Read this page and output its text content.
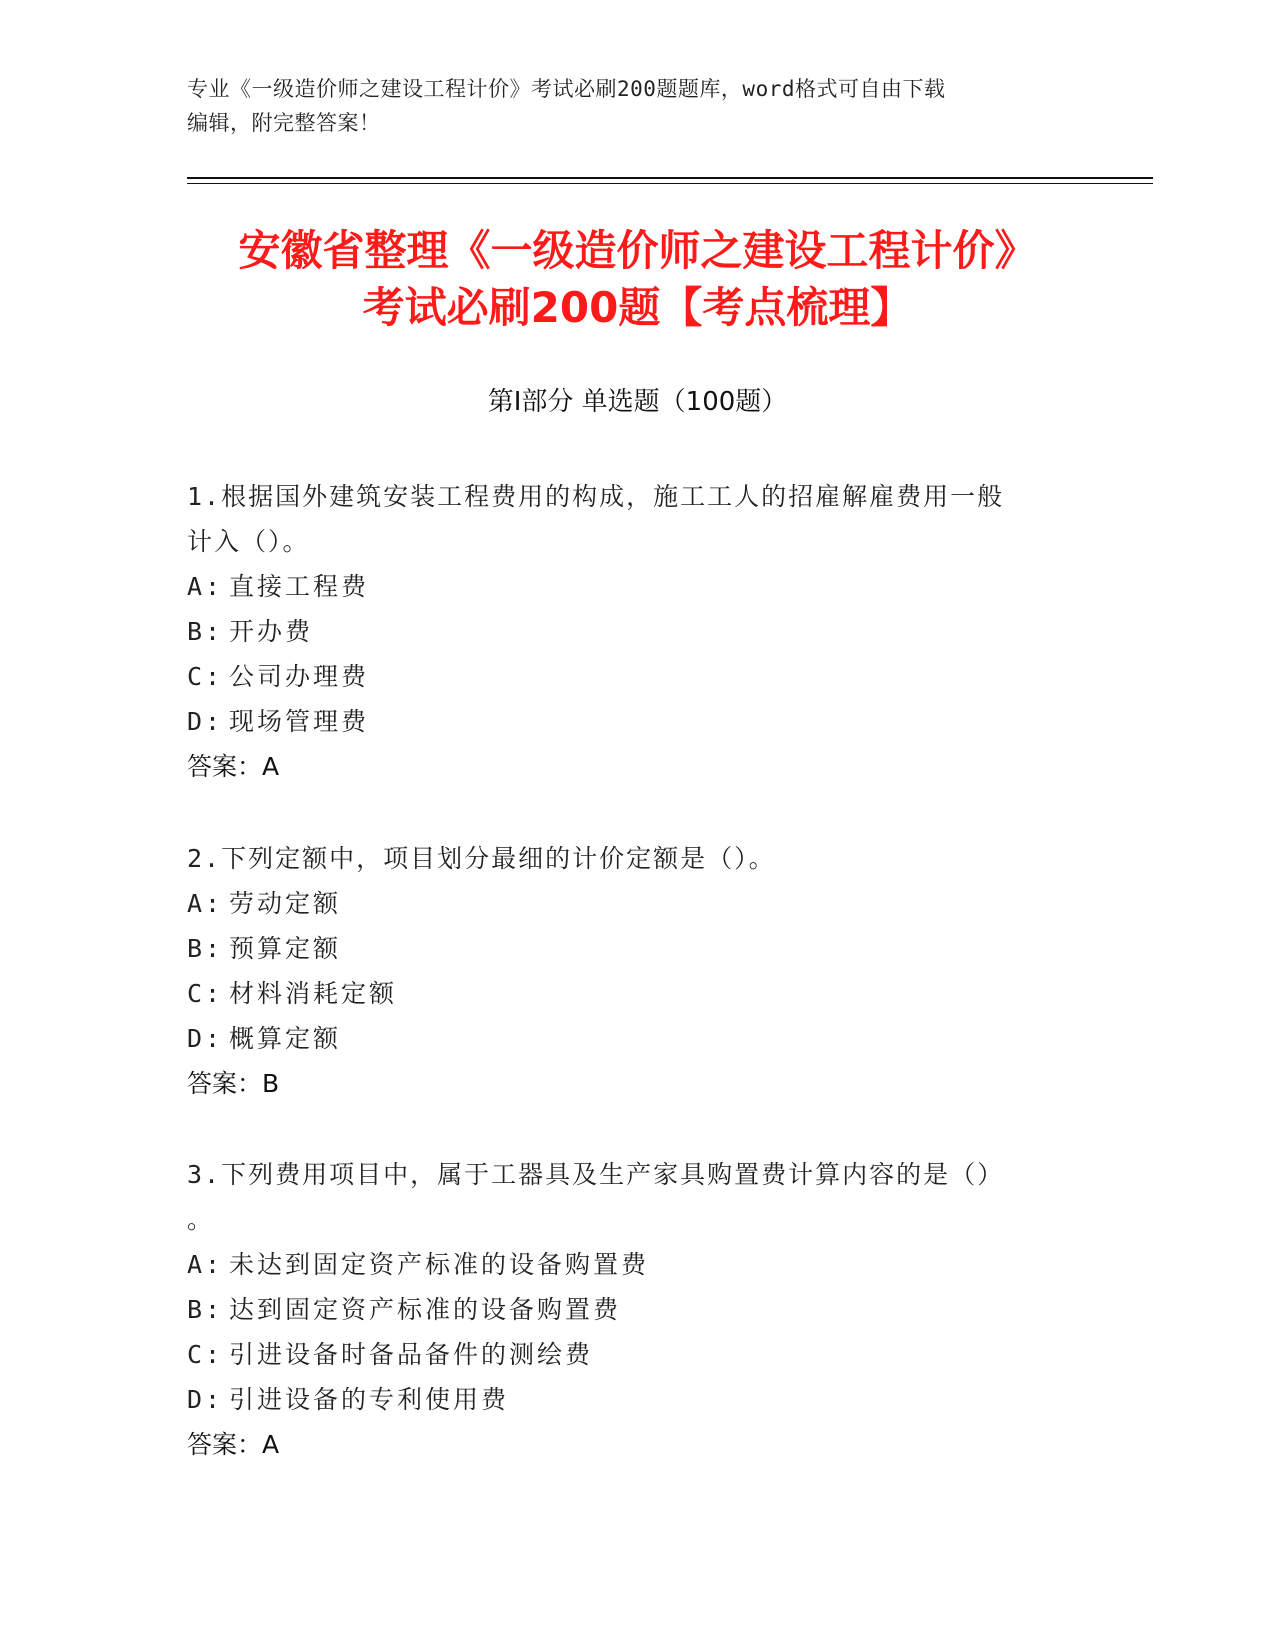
专业《一级造价师之建设工程计价》考试必刷200题题库，word格式可自由下载
编辑，附完整答案！
安徽省整理《一级造价师之建设工程计价》
考试必刷200题【考点梳理】
第Ⅰ部分 单选题（100题）

1.根据国外建筑安装工程费用的构成，施工工人的招雇解雇费用一般

计入（）。

A: 直接工程费

B: 开办费

C: 公司办理费

D: 现场管理费

答案：A

2.下列定额中，项目划分最细的计价定额是（）。

A: 劳动定额

B: 预算定额

C: 材料消耗定额

D: 概算定额

答案：B

3.下列费用项目中，属于工器具及生产家具购置费计算内容的是（）

。

A: 未达到固定资产标准的设备购置费

B: 达到固定资产标准的设备购置费

C: 引进设备时备品备件的测绘费

D: 引进设备的专利使用费

答案：A
